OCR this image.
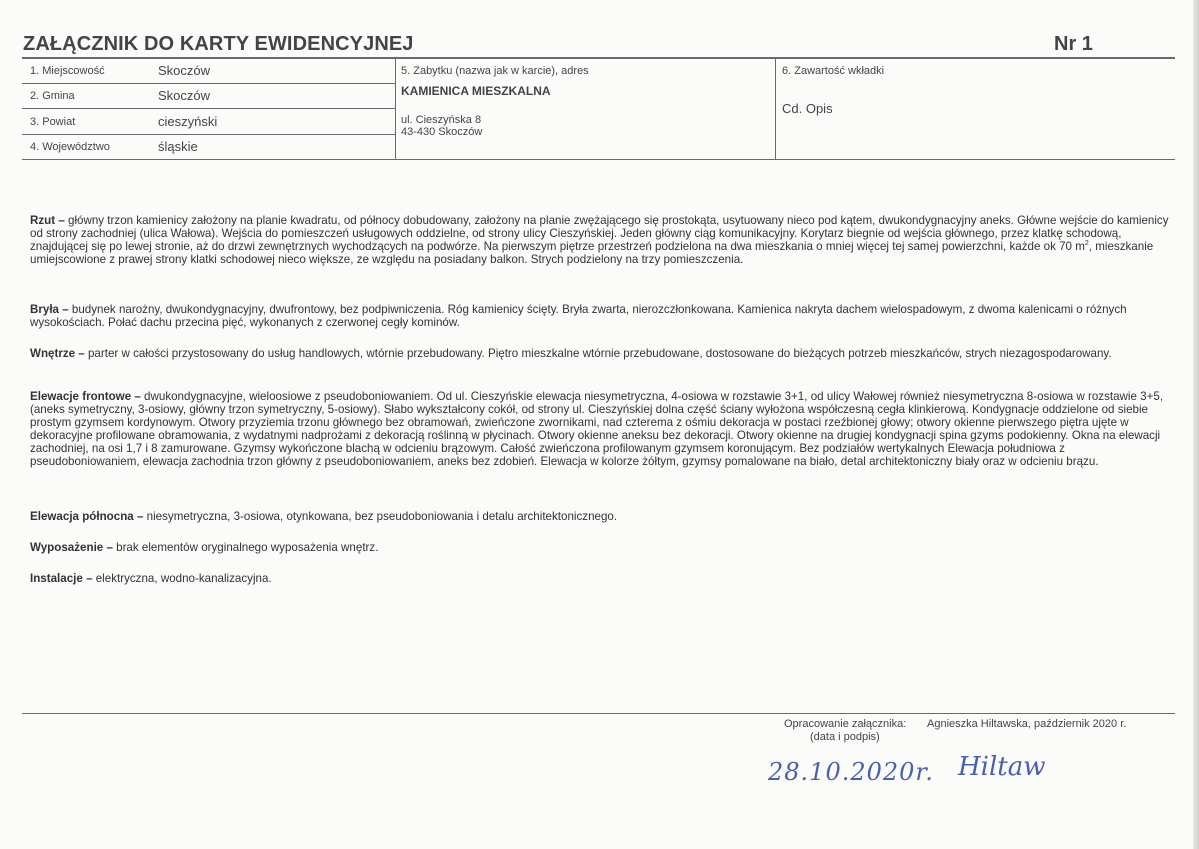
ZAŁĄCZNIK DO KARTY EWIDENCYJNEJ	Nr 1
1. Miejscowość	Skoczów
2. Gmina	Skoczów
3. Powiat	cieszyński
4. Województwo	śląskie
5. Zabytku (nazwa jak w karcie), adres
KAMIENICA MIESZKALNA
ul. Cieszyńska 8
43-430 Skoczów
6. Zawartość wkładki
Cd. Opis
Rzut – główny trzon kamienicy założony na planie kwadratu, od północy dobudowany, założony na planie zwężającego się prostokąta, usytuowany nieco pod kątem, dwukondygnacyjny aneks. Główne wejście do kamienicy od strony zachodniej (ulica Wałowa). Wejścia do pomieszczeń usługowych oddzielne, od strony ulicy Cieszyńskiej. Jeden główny ciąg komunikacyjny. Korytarz biegnie od wejścia głównego, przez klatkę schodową, znajdującej się po lewej stronie, aż do drzwi zewnętrznych wychodzących na podwórze. Na pierwszym piętrze przestrzeń podzielona na dwa mieszkania o mniej więcej tej samej powierzchni, każde ok 70 $m^2$, mieszkanie umiejscowione z prawej strony klatki schodowej nieco większe, ze względu na posiadany balkon. Strych podzielony na trzy pomieszczenia.
Bryła – budynek narożny, dwukondygnacyjny, dwufrontowy, bez podpiwniczenia. Róg kamienicy ścięty. Bryła zwarta, nierozczłonkowana. Kamienica nakryta dachem wielospadowym, z dwoma kalenicami o różnych wysokościach. Połać dachu przecina pięć, wykonanych z czerwonej cegły kominów.
Wnętrze – parter w całości przystosowany do usług handlowych, wtórnie przebudowany. Piętro mieszkalne wtórnie przebudowane, dostosowane do bieżących potrzeb mieszkańców, strych niezagospodarowany.
Elewacje frontowe – dwukondygnacyjne, wieloosiowe z pseudoboniowaniem. Od ul. Cieszyńskie elewacja niesymetryczna, 4-osiowa w rozstawie 3+1, od ulicy Wałowej również niesymetryczna 8-osiowa w rozstawie 3+5, (aneks symetryczny, 3-osiowy, główny trzon symetryczny, 5-osiowy). Słabo wykształcony cokół, od strony ul. Cieszyńskiej dolna część ściany wyłożona współczesną cegła klinkierową. Kondygnacje oddzielone od siebie prostym gzymsem kordynowym. Otwory przyziemia trzonu głównego bez obramowań, zwieńczone zwornikami, nad czterema z ośmiu dekoracja w postaci rzeźbionej głowy; otwory okienne pierwszego piętra ujęte w dekoracyjne profilowane obramowania, z wydatnymi nadprożami z dekoracją roślinną w płycinach. Otwory okienne aneksu bez dekoracji. Otwory okienne na drugiej kondygnacji spina gzyms podokienny. Okna na elewacji zachodniej, na osi 1,7 i 8 zamurowane. Gzymsy wykończone blachą w odcieniu brązowym. Całość zwieńczona profilowanym gzymsem koronującym. Bez podziałów wertykalnych Elewacja południowa z pseudoboniowaniem, elewacja zachodnia trzon główny z pseudoboniowaniem, aneks bez zdobień. Elewacja w kolorze żółtym, gzymsy pomalowane na biało, detal architektoniczny biały oraz w odcieniu brązu.
Elewacja północna – niesymetryczna, 3-osiowa, otynkowana, bez pseudoboniowania i detalu architektonicznego.
Wyposażenie – brak elementów oryginalnego wyposażenia wnętrz.
Instalacje – elektryczna, wodno-kanalizacyjna.
Opracowanie załącznika:
(data i podpis)
Agnieszka Hiltawska, październik 2020 r.
28.10.2020r. Hiltaw
